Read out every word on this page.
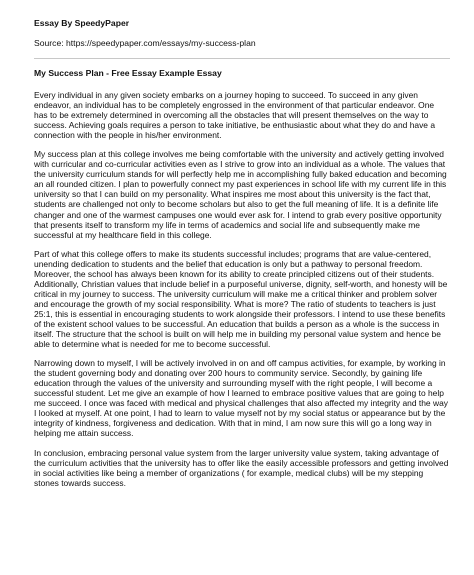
Essay By SpeedyPaper
Source: https://speedypaper.com/essays/my-success-plan
My Success Plan - Free Essay Example Essay

Every individual in any given society embarks on a journey hoping to succeed. To succeed in any given endeavor, an individual has to be completely engrossed in the environment of that particular endeavor. One has to be extremely determined in overcoming all the obstacles that will present themselves on the way to success. Achieving goals requires a person to take initiative, be enthusiastic about what they do and have a connection with the people in his/her environment.

My success plan at this college involves me being comfortable with the university and actively getting involved with curricular and co-curricular activities even as I strive to grow into an individual as a whole. The values that the university curriculum stands for will perfectly help me in accomplishing fully baked education and becoming an all rounded citizen. I plan to powerfully connect my past experiences in school life with my current life in this university so that I can build on my personality. What inspires me most about this university is the fact that, students are challenged not only to become scholars but also to get the full meaning of life. It is a definite life changer and one of the warmest campuses one would ever ask for. I intend to grab every positive opportunity that presents itself to transform my life in terms of academics and social life and subsequently make me successful at my healthcare field in this college.

Part of what this college offers to make its students successful includes; programs that are value-centered, unending dedication to students and the belief that education is only but a pathway to personal freedom. Moreover, the school has always been known for its ability to create principled citizens out of their students. Additionally, Christian values that include belief in a purposeful universe, dignity, self-worth, and honesty will be critical in my journey to success. The university curriculum will make me a critical thinker and problem solver and encourage the growth of my social responsibility. What is more? The ratio of students to teachers is just 25:1, this is essential in encouraging students to work alongside their professors. I intend to use these benefits of the existent school values to be successful. An education that builds a person as a whole is the success in itself. The structure that the school is built on will help me in building my personal value system and hence be able to determine what is needed for me to become successful.

Narrowing down to myself, I will be actively involved in on and off campus activities, for example, by working in the student governing body and donating over 200 hours to community service. Secondly, by gaining life education through the values of the university and surrounding myself with the right people, I will become a successful student. Let me give an example of how I learned to embrace positive values that are going to help me succeed. I once was faced with medical and physical challenges that also affected my integrity and the way I looked at myself. At one point, I had to learn to value myself not by my social status or appearance but by the integrity of kindness, forgiveness and dedication. With that in mind, I am now sure this will go a long way in helping me attain success.

In conclusion, embracing personal value system from the larger university value system, taking advantage of the curriculum activities that the university has to offer like the easily accessible professors and getting involved in social activities like being a member of organizations ( for example, medical clubs) will be my stepping stones towards success.
